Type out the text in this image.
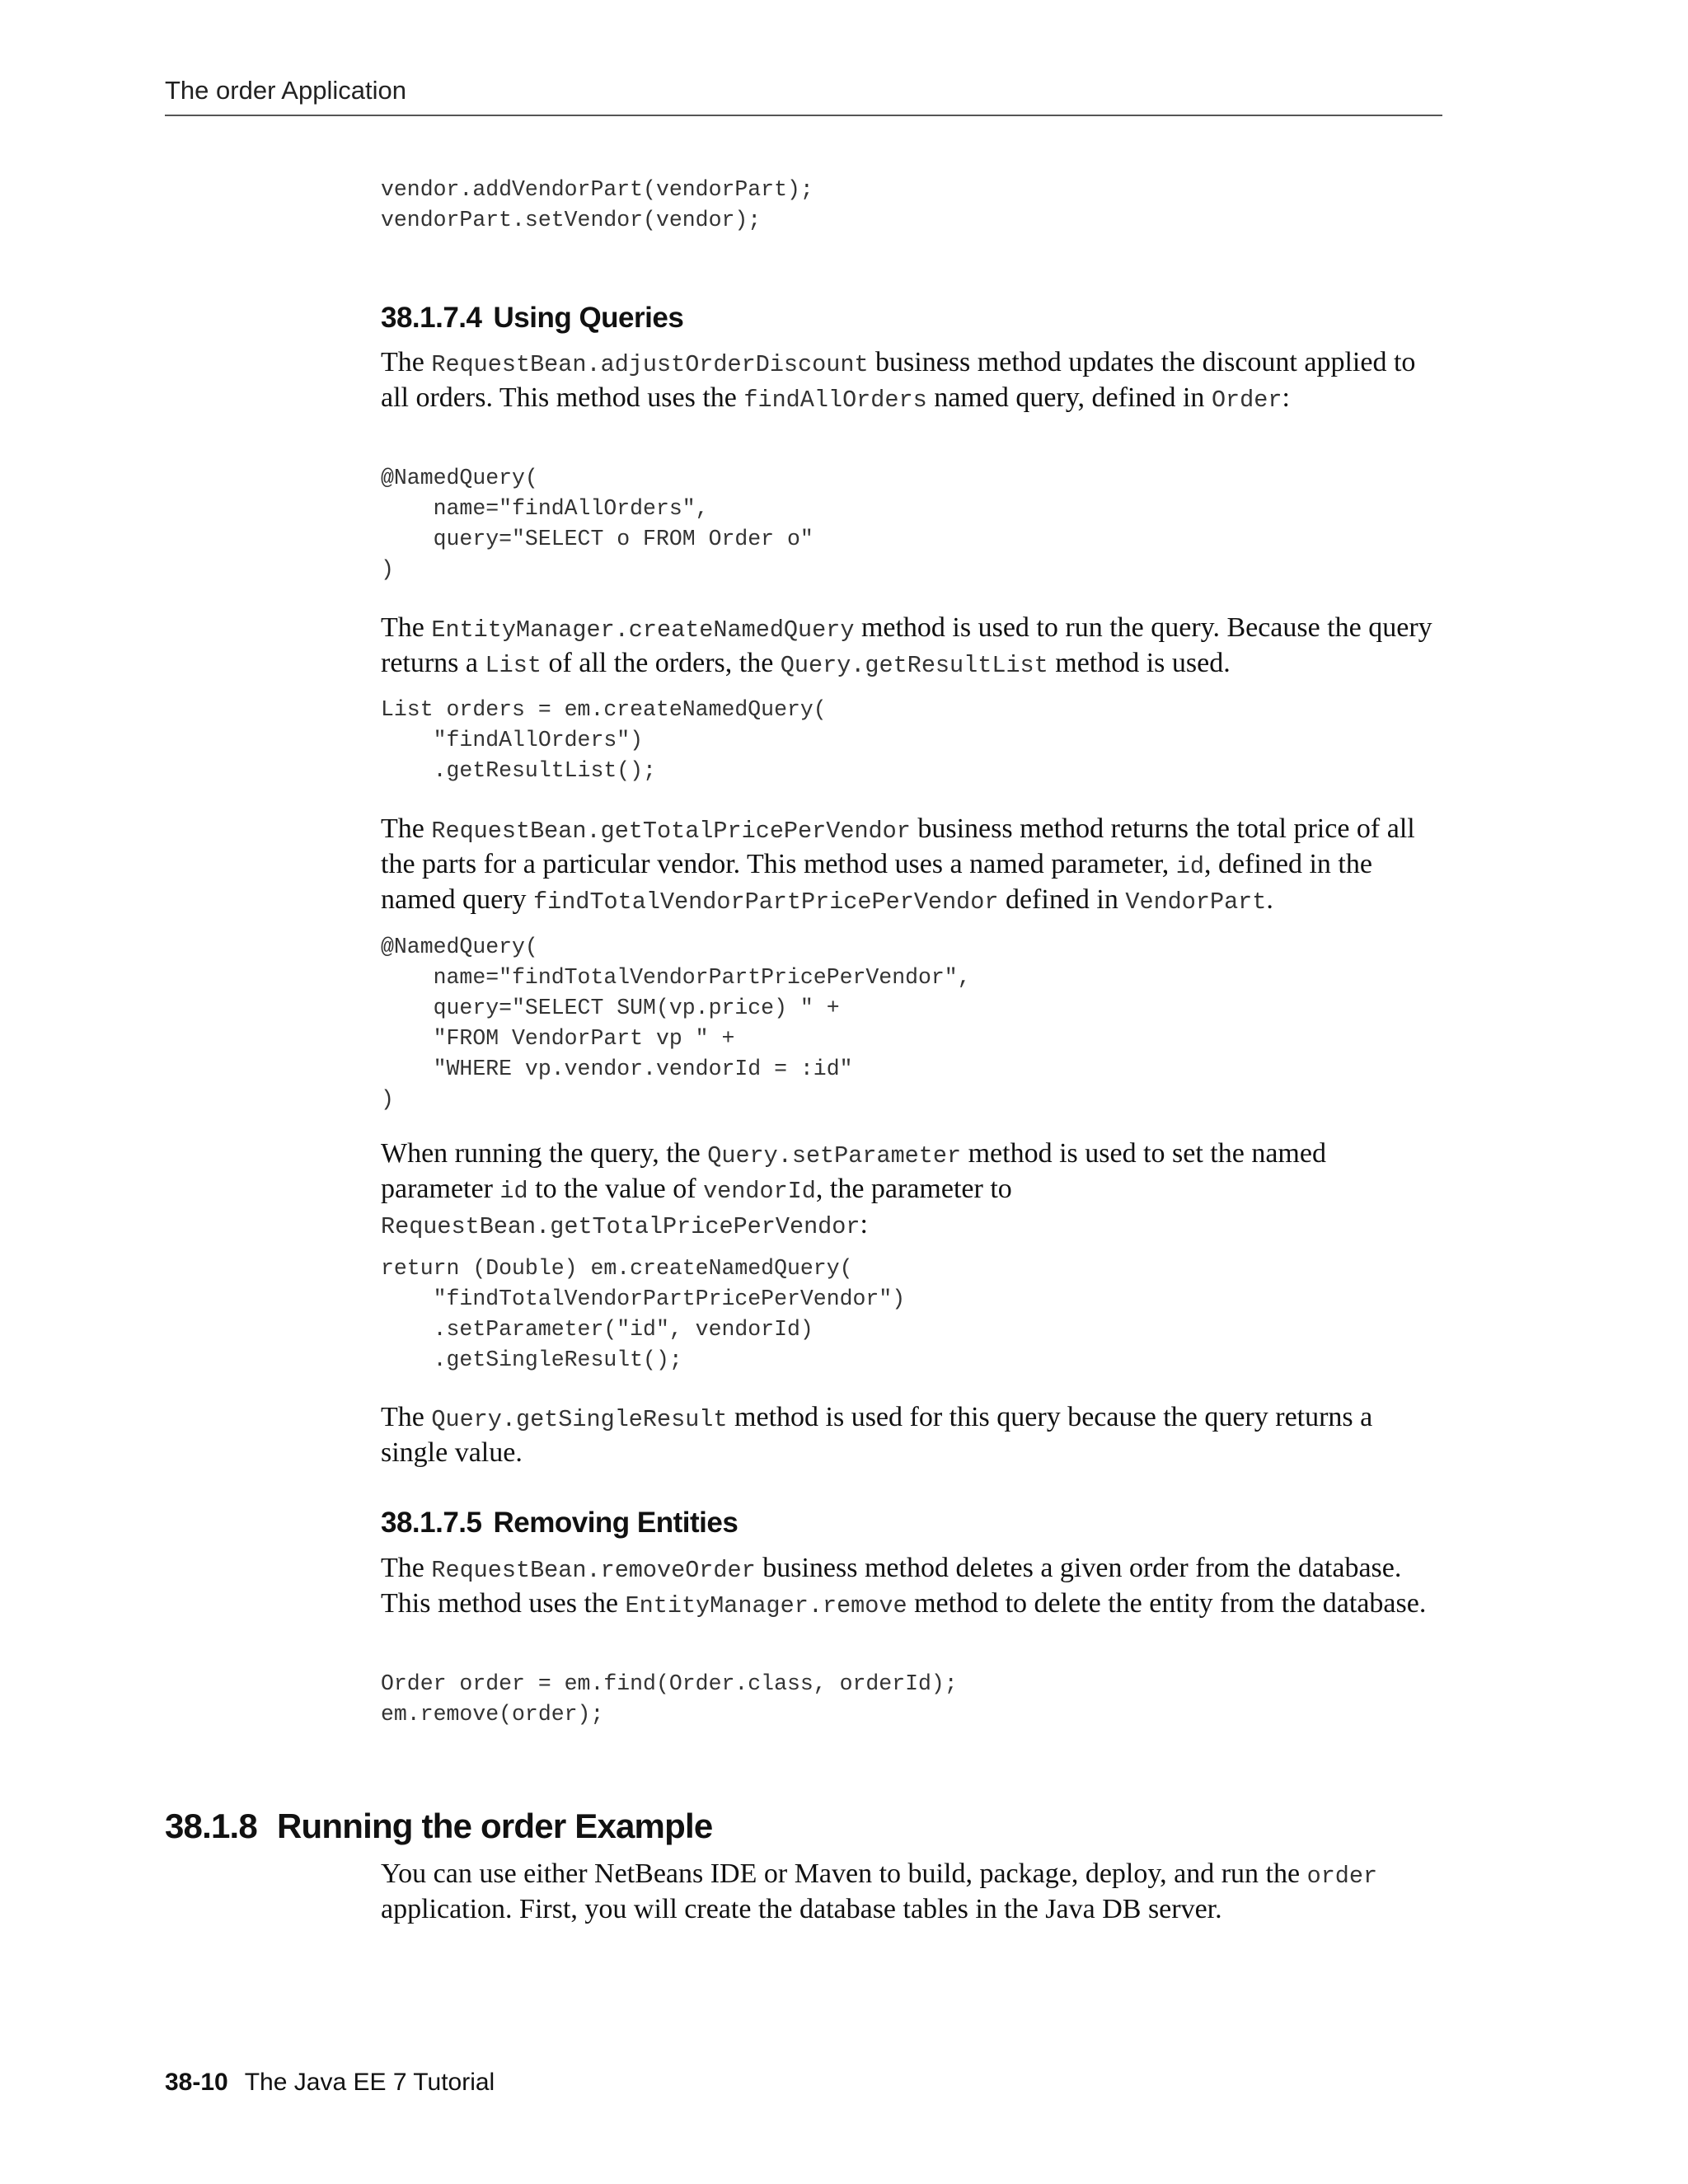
The order Application
vendor.addVendorPart(vendorPart);
vendorPart.setVendor(vendor);
38.1.7.4 Using Queries

The RequestBean.adjustOrderDiscount business method updates the discount applied to all orders. This method uses the findAllOrders named query, defined in Order:

@NamedQuery(
name="findAllOrders",
query="SELECT o FROM Order o"
)

The EntityManager.createNamedQuery method is used to run the query. Because the query returns a List of all the orders, the Query.getResultList method is used.

List orders = em.createNamedQuery(
"findAllOrders")
.getResultList();

The RequestBean.getTotalPricePerVendor business method returns the total price of all the parts for a particular vendor. This method uses a named parameter, id, defined in the named query findTotalVendorPartPricePerVendor defined in VendorPart.

@NamedQuery(
name="findTotalVendorPartPricePerVendor",
query="SELECT SUM(vp.price) " +
"FROM VendorPart vp " +
"WHERE vp.vendor.vendorId = :id"
)

When running the query, the Query.setParameter method is used to set the named parameter id to the value of vendorId, the parameter to RequestBean.getTotalPricePerVendor:

return (Double) em.createNamedQuery(
"findTotalVendorPartPricePerVendor")
.setParameter("id", vendorId)
.getSingleResult();

The Query.getSingleResult method is used for this query because the query returns a single value.

38.1.7.5 Removing Entities

The RequestBean.removeOrder business method deletes a given order from the database. This method uses the EntityManager.remove method to delete the entity from the database.

Order order = em.find(Order.class, orderId);
em.remove(order);
38.1.8 Running the order Example

You can use either NetBeans IDE or Maven to build, package, deploy, and run the order application. First, you will create the database tables in the Java DB server.

38-10 The Java EE 7 Tutorial
